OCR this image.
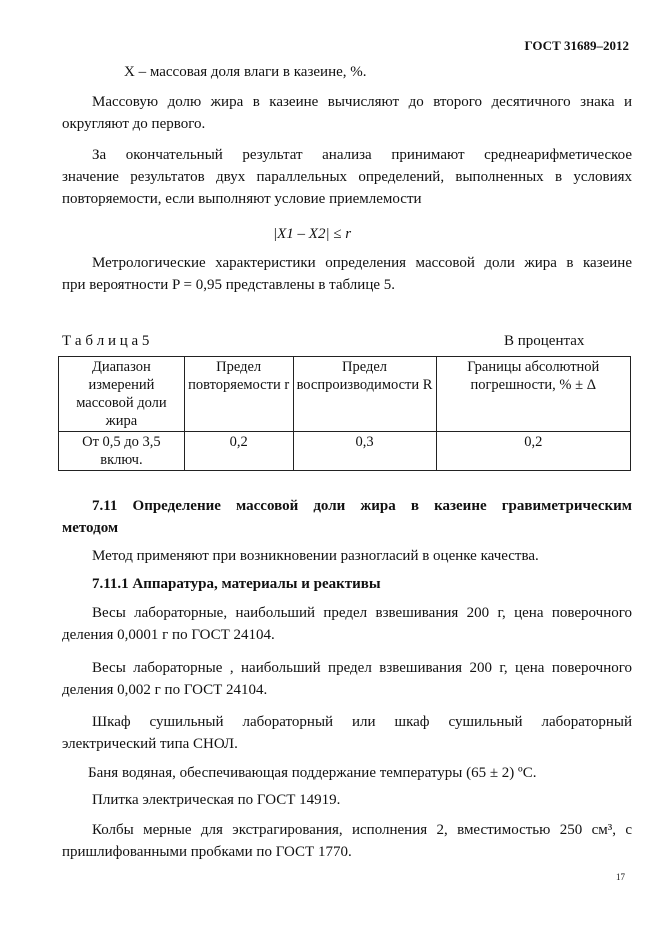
ГОСТ 31689–2012
X – массовая доля влаги в казеине, %.
Массовую долю жира в казеине вычисляют до второго десятичного знака и
округляют до первого.
За окончательный результат анализа принимают среднеарифметическое
значение результатов двух параллельных определений, выполненных в условиях повторяемости, если выполняют условие приемлемости
|X1 – X2| ≤ r
Метрологические характеристики определения массовой доли жира в казеине
при вероятности P = 0,95 представлены в таблице 5.
Т а б л и ц а 5	В процентах
Диапазон измерений массовой доли жира	Предел повторяемости r	Предел воспроизводимости R	Границы абсолютной погрешности, % ± Δ
От 0,5 до 3,5 включ.	0,2	0,3	0,2
7.11 Определение массовой доли жира в казеине гравиметрическим
методом
Метод применяют при возникновении разногласий в оценке качества.
7.11.1 Аппаратура, материалы и реактивы
Весы лабораторные, наибольший предел взвешивания 200 г, цена поверочного
деления 0,0001 г по ГОСТ 24104.
Весы лабораторные , наибольший предел взвешивания 200 г, цена поверочного
деления 0,002 г по ГОСТ 24104.
Шкаф сушильный лабораторный или шкаф сушильный лабораторный
электрический типа СНОЛ.
Баня водяная, обеспечивающая поддержание температуры (65 ± 2) ºС.
Плитка электрическая по ГОСТ 14919.
Колбы мерные для экстрагирования, исполнения 2, вместимостью 250 см³, с
пришлифованными пробками по ГОСТ 1770.
17
